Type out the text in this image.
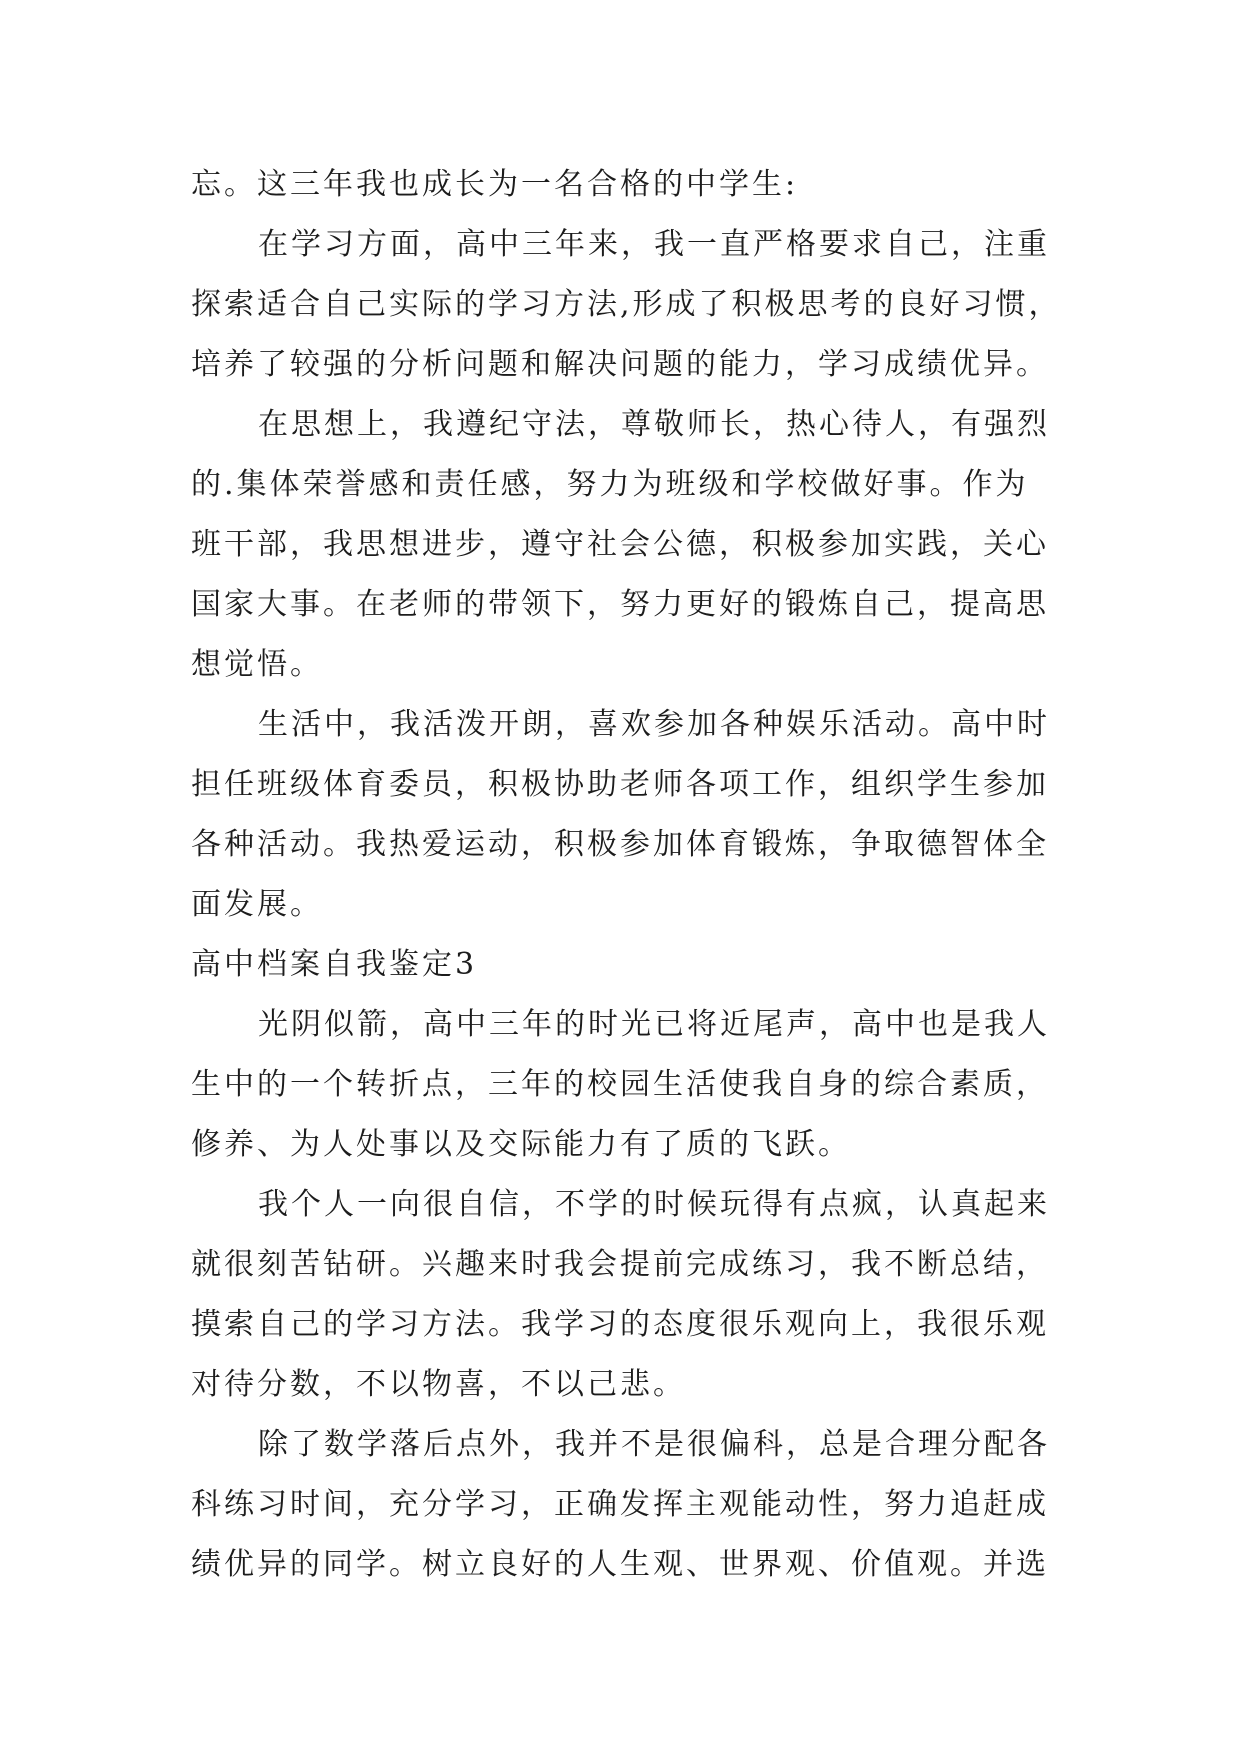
忘。这三年我也成长为一名合格的中学生:
在学习方面，高中三年来，我一直严格要求自己，注重
探索适合自己实际的学习方法,形成了积极思考的良好习惯，
培养了较强的分析问题和解决问题的能力，学习成绩优异。
在思想上，我遵纪守法，尊敬师长，热心待人，有强烈
的.集体荣誉感和责任感，努力为班级和学校做好事。作为
班干部，我思想进步，遵守社会公德，积极参加实践，关心
国家大事。在老师的带领下，努力更好的锻炼自己，提高思
想觉悟。
生活中，我活泼开朗，喜欢参加各种娱乐活动。高中时
担任班级体育委员，积极协助老师各项工作，组织学生参加
各种活动。我热爱运动，积极参加体育锻炼，争取德智体全
面发展。
高中档案自我鉴定3
光阴似箭，高中三年的时光已将近尾声，高中也是我人
生中的一个转折点，三年的校园生活使我自身的综合素质，
修养、为人处事以及交际能力有了质的飞跃。
我个人一向很自信，不学的时候玩得有点疯，认真起来
就很刻苦钻研。兴趣来时我会提前完成练习，我不断总结，
摸索自己的学习方法。我学习的态度很乐观向上，我很乐观
对待分数，不以物喜，不以己悲。
除了数学落后点外，我并不是很偏科，总是合理分配各
科练习时间，充分学习，正确发挥主观能动性，努力追赶成
绩优异的同学。树立良好的人生观、世界观、价值观。并选
